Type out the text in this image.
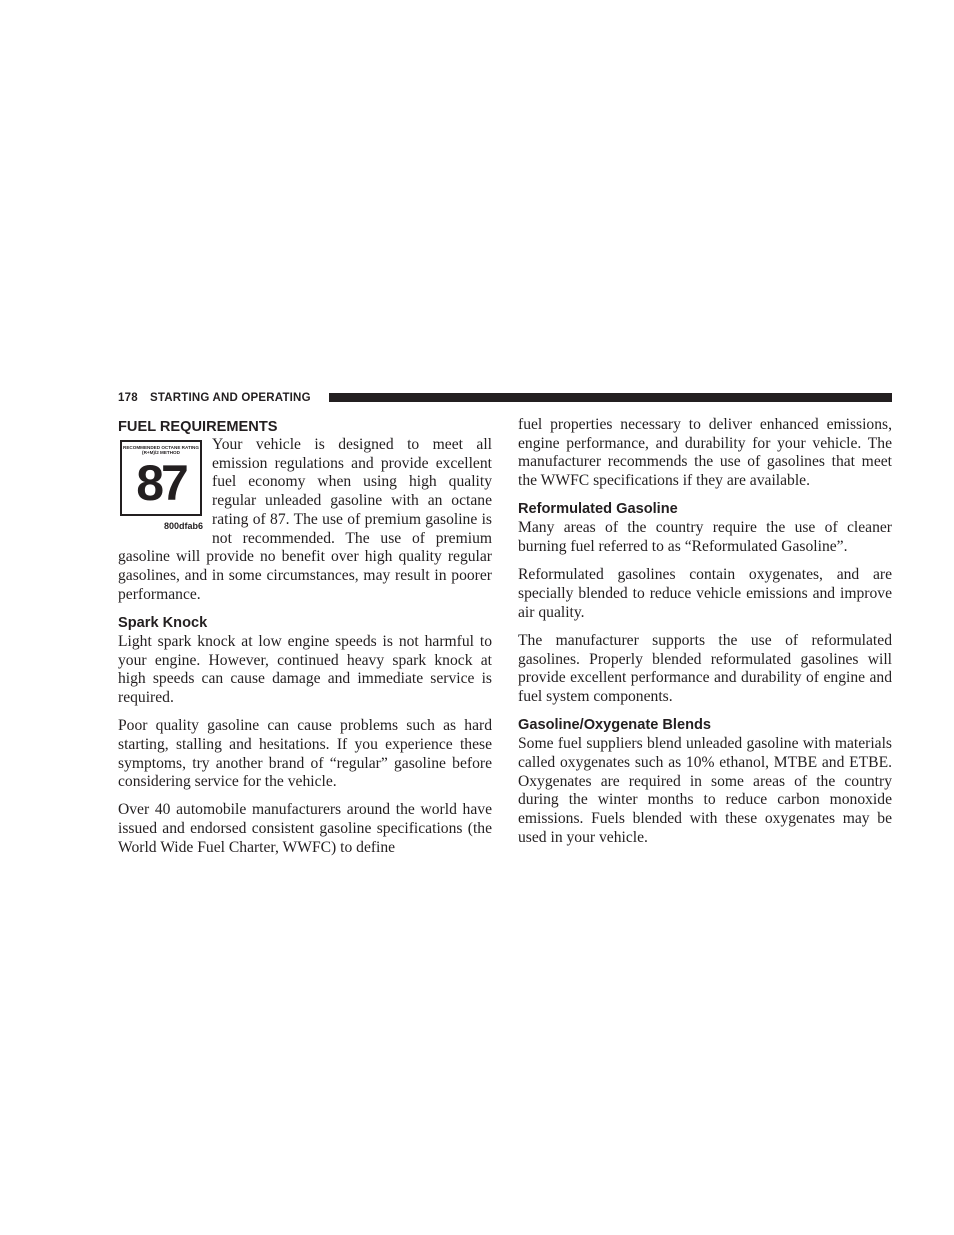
178 STARTING AND OPERATING
FUEL REQUIREMENTS
RECOMMENDED OCTANE RATING
(R+M)/2 METHOD
87
800dfab6

Your vehicle is designed to meet all emission regulations and provide excellent fuel economy when using high quality regular unleaded gasoline with an octane rating of 87. The use of premium gasoline is not recommended. The use of premium gasoline will provide no benefit over high quality regular gasolines, and in some circumstances, may result in poorer performance.

Spark Knock

Light spark knock at low engine speeds is not harmful to your engine. However, continued heavy spark knock at high speeds can cause damage and immediate service is required.

Poor quality gasoline can cause problems such as hard starting, stalling and hesitations. If you experience these symptoms, try another brand of “regular” gasoline before considering service for the vehicle.

Over 40 automobile manufacturers around the world have issued and endorsed consistent gasoline specifications (the World Wide Fuel Charter, WWFC) to define

fuel properties necessary to deliver enhanced emissions, engine performance, and durability for your vehicle. The manufacturer recommends the use of gasolines that meet the WWFC specifications if they are available.

Reformulated Gasoline

Many areas of the country require the use of cleaner burning fuel referred to as “Reformulated Gasoline”.

Reformulated gasolines contain oxygenates, and are specially blended to reduce vehicle emissions and improve air quality.

The manufacturer supports the use of reformulated gasolines. Properly blended reformulated gasolines will provide excellent performance and durability of engine and fuel system components.

Gasoline/Oxygenate Blends

Some fuel suppliers blend unleaded gasoline with materials called oxygenates such as 10% ethanol, MTBE and ETBE. Oxygenates are required in some areas of the country during the winter months to reduce carbon monoxide emissions. Fuels blended with these oxygenates may be used in your vehicle.
